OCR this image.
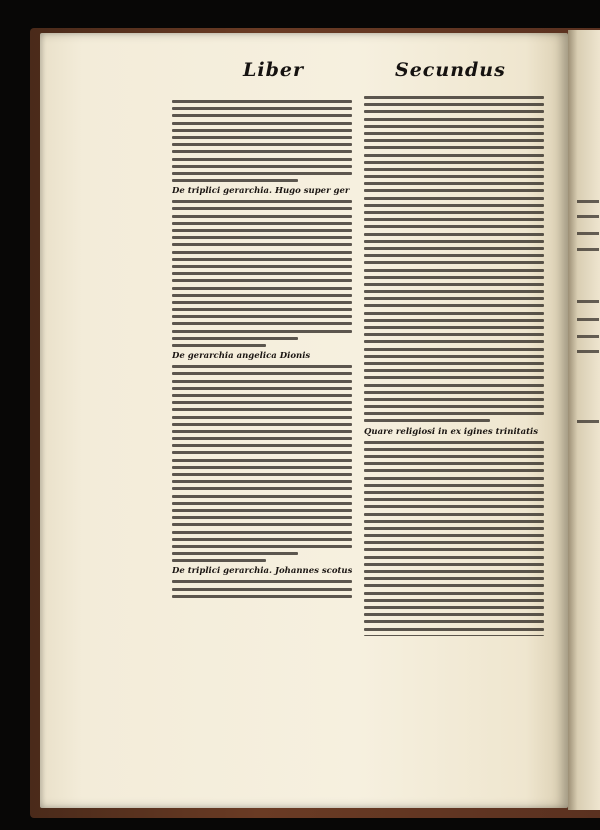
Liber	Secundus
De triplici gerarchia. Hugo super ger
De gerarchia angelica Dionis
De triplici gerarchia. Johannes scotus
Quare religiosi in ex igines trinitatis
